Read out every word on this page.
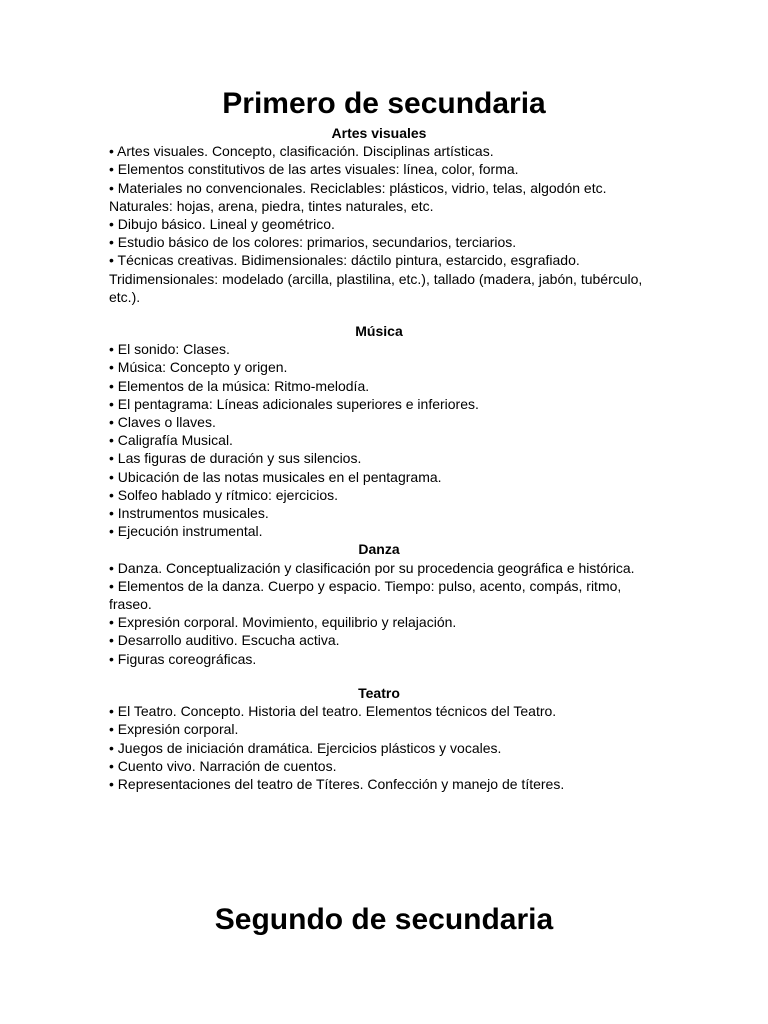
Primero de secundaria

Artes visuales

• Artes visuales. Concepto, clasificación. Disciplinas artísticas.

• Elementos constitutivos de las artes visuales: línea, color, forma.

• Materiales no convencionales. Reciclables: plásticos, vidrio, telas, algodón etc. Naturales: hojas, arena, piedra, tintes naturales, etc.

• Dibujo básico. Lineal y geométrico.

• Estudio básico de los colores: primarios, secundarios, terciarios.

• Técnicas creativas. Bidimensionales: dáctilo pintura, estarcido, esgrafiado. Tridimensionales: modelado (arcilla, plastilina, etc.), tallado (madera, jabón, tubérculo, etc.).

Música

• El sonido: Clases.

• Música: Concepto y origen.

• Elementos de la música: Ritmo-melodía.

• El pentagrama: Líneas adicionales superiores e inferiores.

• Claves o llaves.

• Caligrafía Musical.

• Las figuras de duración y sus silencios.

• Ubicación de las notas musicales en el pentagrama.

• Solfeo hablado y rítmico: ejercicios.

• Instrumentos musicales.

• Ejecución instrumental.

Danza

• Danza. Conceptualización y clasificación por su procedencia geográfica e histórica.

• Elementos de la danza. Cuerpo y espacio. Tiempo: pulso, acento, compás, ritmo, fraseo.

• Expresión corporal. Movimiento, equilibrio y relajación.

• Desarrollo auditivo. Escucha activa.

• Figuras coreográficas.

Teatro

• El Teatro. Concepto. Historia del teatro. Elementos técnicos del Teatro.

• Expresión corporal.

• Juegos de iniciación dramática. Ejercicios plásticos y vocales.

• Cuento vivo. Narración de cuentos.

• Representaciones del teatro de Títeres. Confección y manejo de títeres.

Segundo de secundaria
